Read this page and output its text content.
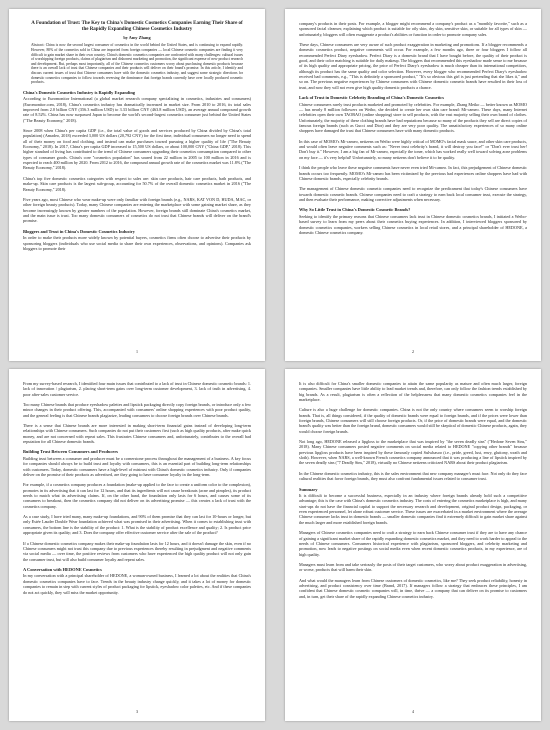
A Foundation of Trust: The Key to China's Domestic Cosmetics Companies Earning Their Share of the Rapidly Expanding Chinese Cosmetics Industry
by Amy Zhang
Abstract: China is now the second largest consumer of cosmetics in the world behind the United States, and is continuing to expand rapidly. However, 80% of the cosmetics sold in China are imported from foreign companies — local Chinese cosmetic companies are finding it very difficult to gain market share in their own country. China's domestic cosmetics companies are confronted with many challenges: cultural issues of worshipping foreign products, claims of plagiarism and dishonest marketing and promotion, the significant expense of new product research and development. But, perhaps most importantly, all of the Chinese cosmetics customers worry about purchasing domestic products because there is an overall lack of trust that Chinese companies and their products will deliver on their brand's promise. In this article, I identify and discuss current issues of trust that Chinese consumers have with the domestic cosmetics industry, and suggest some strategic directions for domestic cosmetics companies to follow towards reversing the dominance that foreign brands currently have over locally produced cosmetic products.
China's Domestic Cosmetics Industry is Rapidly Expanding

According to Euromonitor International (a global market research company specializing in cosmetics, industries and consumers) (Euromonitor.com, 2018), China's cosmetics industry has dramatically increased in market size. From 2010 to 2016, its total sales improved from 2.0 billion CNY (356.3 million USD) to 3.33 billion CNY (463.8 million USD), an average annual compound growth rate of 8.52%. China has now surpassed Japan to become the world's second-largest cosmetics consumer just behind the United States ("The Beauty Economy," 2018).

Since 2008 when China's per capita GDP (i.e., the total value of goods and services produced by China divided by China's total population) (Amadeo, 2018) exceeded 3,000 US dollars (20,792 CNY) for the first time, individual consumers no longer need to spend all of their money on food and clothing, and instead can make purchases toward pursuing a higher quality of life ("The Beauty Economy," 2018). In 2017, China's per capita GDP increased to 15,500 US dollars, or about 100,000 CNY ("China GDP," 2018). This higher standard of living has contributed to the trend of Chinese consumers upgrading their cosmetics consumption compared to other types of consumer goods. China's core "cosmetics population" has soared from 22 million in 2005 to 100 million in 2016 and is expected to reach 400 million by 2020. From 2012 to 2016, the compound annual growth rate of the cosmetics market was 11.8% ("The Beauty Economy," 2018).

China's top five domestic cosmetics categories with respect to sales are: skin care products, hair care products, bath products, and make-up. Skin care products is the largest sub-group, accounting for 50.7% of the overall domestic cosmetics market in 2016 ("The Beauty Economy," 2018).

Five years ago, most Chinese who wear make-up were only familiar with foreign brands (e.g., NARS, KAT VON D, HUDA, MAC, or other foreign beauty products). Today, many Chinese companies are entering the marketplace with some gaining market share, as they become increasingly known by greater numbers of the population. However, foreign brands still dominate China's cosmetics market, and the main issue is trust. Too many domestic consumers of cosmetics do not trust that Chinese brands will deliver on the brand's promise.

Bloggers and Trust in China's Domestic Cosmetics Industry

In order to make their products more widely known by potential buyers, cosmetics firms often choose to advertise their products by sponsoring bloggers (individuals who use social media to share their own experiences, observations, and opinions). Companies ask bloggers to promote their

1

company's products in their posts. For example, a blogger might recommend a company's product as a "monthly favorite," such as a sponsored facial cleanser, explaining which product is suitable for oily skin, dry skin, sensitive skin, or suitable for all types of skin — unfortunately, bloggers will often exaggerate a product's abilities or function in order to promote company sales.

These days, Chinese consumers are very aware of such product exaggeration in marketing and promotions. If a blogger recommends a domestic cosmetics product, negative comments will occur. For example, a few months ago, three or four bloggers I follow all recommended Perfect Diary eyeshadow. Perfect Diary is a domestic brand that I have bought before, the quality of their product is good, and their color matching is suitable for daily makeup. The bloggers that recommended this eyeshadow made sense to me because of its high quality and appropriate pricing, the price of Perfect Diary's eyeshadow is much cheaper than its international competitors, although its product has the same quality and color selection. However, every blogger who recommended Perfect Diary's eyeshadow received bad comments, e.g., "This is definitely a sponsored product," "It's so obvious this girl is just pretending that she likes it," and so on. The previous negative experiences by Chinese consumers with Chinese domestic cosmetic brands have resulted in their loss of trust, and now they will not even give high quality domestic products a chance.

Lack of Trust in Domestic Celebrity Branding of China's Domestic Cosmetics

Chinese consumers rarely trust products marketed and promoted by celebrities. For example, Zhang Meiko — better known as MOMO — has nearly 8 million followers on Weibo, she decided to create her own skin care brand: Mi-cameo. These days, many Internet celebrities open their own TAOBAO (online shopping) store to sell products, with the vast majority selling their own brand of clothes. Unfortunately, the majority of these clothing brands have bad reputations because so many of the products they sell are direct copies of famous foreign brands (such as Gucci and Dior) and they are very poor quality. The unsatisfactory experiences of so many online shoppers have damaged the trust that Chinese consumers have with many domestic products.

In this case of MOMO's Mi-cameo, netizens on Weibo were highly critical of MOMO's facial mask sauce, and other skin care products, and would often leave negative comments such as: "Never trust celebrity's brand, it will destroy you face!" or "Don't ever trust her! Don't buy it." However, I am a big fan of Mi-cameo, especially the toner, which has worked really well toward solving acne problems on my face — it's very helpful! Unfortunately, so many netizens don't believe it to be quality.

I think the people who leave these negative comments have never even tried Mi-cameo. In fact, this prejudgement of Chinese domestic brands occurs too frequently. MOMO's Mi-cameo has been victimized by the previous bad experiences online shoppers have had with Chinese domestic brands, especially celebrity brands.

The management of Chinese domestic cosmetic companies need to recognize the predicament that today's Chinese consumers have towards domestic cosmetic brands. Chinese companies need to craft a strategy to earn back local consumer trust, execute the strategy, and then evaluate their performance, making corrective adjustments when necessary.

Why So Little Trust in China's Domestic Cosmetic Brands?

Seeking to identify the primary reasons that Chinese consumers lack trust in Chinese domestic cosmetics brands, I initiated a Weibo-based survey to learn from my peers about their cosmetics buying experiences. In addition, I interviewed bloggers sponsored by domestic cosmetics companies, workers selling Chinese cosmetics in local retail stores, and a principal shareholder of HEDONE, a domestic Chinese cosmetics company.

2

From my survey-based research, I identified four main issues that contributed to a lack of trust in Chinese domestic cosmetic brands: 1. lack of innovation / plagiarism, 2. placing short-term gains over long-term customer development, 3. lack of truth in advertising, 4. poor after-sales customer service.

Too many Chinese brands that produce eyeshadow palettes and lipstick packaging directly copy foreign brands, or introduce only a few minor changes in their product offering. This, accompanied with consumers' online shopping experiences with poor product quality, and the general feeling is that Chinese brands plagiarize, leading consumers to choose foreign brands over Chinese brands.

There is a sense that Chinese brands are more interested in making short-term financial gains instead of developing long-term relationships with Chinese consumers. Such companies do not put their customers first (such as high quality products, after make quick money, and are not concerned with repeat sales. This frustrates Chinese consumers and, unfortunately, contributes to the overall bad reputation for all Chinese domestic brands.

Building Trust Between Consumers and Producers

Building trust between a consumer and producer must be a cornerstone process throughout the management of a business. A key focus for companies should always be to build trust and loyalty with consumers, this is an essential part of building long-term relationships with customers. Today, domestic consumers have a high-level of mistrust with China's domestic cosmetics industry. Only if companies deliver on the promise of their products as advertised, are they going to have consumer loyalty in the long-term.

For example, if a cosmetics company produces a foundation (make-up applied to the face to create a uniform color to the complexion), promotes in its advertising that it can last for 12 hours, and that its ingredients will not cause breakouts (acne and pimples), its product needs to match what its advertising claims. If, on the other hand, the foundation only lasts for 6 hours, and causes some of its consumers to breakout, then the cosmetics company did not deliver on its advertising promise — this creates a lack of trust with the cosmetics company.

As a case study, I have tried many, many make-up foundations, and 90% of them promise that they can last for 10-hours or longer, but only Estée Lauder Double Wear foundation achieved what was promised in their advertising. When it comes to establishing trust with consumers, the bottom line is the stability of the product: 1. What is the stability of product excellence and quality; 2. Is product price appropriate given its quality; and 3. Does the company offer effective customer service after the sale of the product?

If a Chinese domestic cosmetics company makes their make-up foundation lasts for 12 hours, and it doesn't damage the skin, even if no Chinese consumers might not trust this company due to previous experiences thereby resulting in prejudgment and negative comments via social media — over time, the positive reviews from customers who have experienced the high quality product will not only gain the consumer trust, but will also build consumer loyalty and repeat sales.

A Conversation with HEDONE Cosmetics

In my conversation with a principal shareholder of HEDONE, a woman-owned business, I learned a lot about the realities that China's domestic cosmetics companies have to face. Trends in the beauty industry change quickly, and it takes a lot of money for domestic companies to remain in step with current styles of product packaging for lipstick, eyeshadow color palettes, etc. And if these companies do not act quickly, they will miss the market opportunity.

3

It is also difficult for China's smaller domestic companies to attain the same popularity as mature and often much larger, foreign companies. Smaller companies have little ability to lead market trends and, therefore, can only follow the fashion trends established by big brands. As a result, plagiarism is often a reflection of the helplessness that many domestic cosmetics companies feel in the marketplace.

Culture is also a huge challenge for domestic companies. China is not the only country where consumers seem to worship foreign brands. That is, all things considered, if the quality of domestic brands were equal to foreign brands, and if the prices were lower than foreign brands, Chinese consumers will still choose foreign products. Or, if the price of domestic brands were equal, and the domestic brand's quality was better than the foreign brand, domestic consumers would still be skeptical of domestic Chinese products, again, they would choose foreign brands.

Not long ago, HEDONE released a lipgloss to the marketplace that was inspired by "the seven deadly sins" ("Hedone Seven Sins," 2018). Many Chinese consumers posted negative comments on social media related to HEDONE "copying other brands" because previous lipgloss products have been inspired by these famously copied Sulwhasoo (i.e., pride, greed, lust, envy, gluttony, wrath and sloth). However, when NARS, a well-known French cosmetics company announced that it was producing a line of lipstick inspired by the seven deadly sins ("7 Deadly Sins," 2018), virtually no Chinese netizens criticized NARS about their product plagiarism.

In the Chinese domestic cosmetics industry, this is the sales environment that new company manager's must face. Not only do they face cultural realities that favor foreign brands, they must also confront fundamental issues related to consumer trust.

Summary

It is difficult to become a successful business, especially in an industry where foreign brands already hold such a competitive advantage; this is the case with China's domestic cosmetics industry. The costs of entering the cosmetics marketplace is high, and many start-ups do not have the financial capital to support the necessary research and development, original product design, packaging, or even experienced personnel, let alone robust customer service. These issues are exacerbated in a market environment where the average Chinese consumer lacks trust in domestic brands — smaller domestic companies find it extremely difficult to gain market share against the much larger and more established foreign brands.

Managers of Chinese cosmetics companies need to craft a strategy to earn back Chinese consumer trust if they are to have any chance of gaining a significant market share of the rapidly expanding domestic cosmetics market, and they need to work harder to appeal to the needs of Chinese consumers. Consumers historical experience with plagiarism, sponsored bloggers, and celebrity marketing and promotion, now leads to negative postings on social media even when recent domestic cosmetics products, in my experience, are of high quality.

Managers must learn from and take seriously the posts of their target customers, who worry about product exaggeration in advertising, or worse, products that will harm their skin.

And what would the managers learn from Chinese customers of domestic cosmetics, like me? They seek product reliability, honesty in advertising, and product consistency over time (Brand, 2017). If managers follow a strategy that embraces these principles, I am confident that Chinese domestic cosmetic companies will, in time, thrive — a company that can deliver on its promise to customers and, in turn, get their share of the rapidly expanding Chinese cosmetics industry.

4
